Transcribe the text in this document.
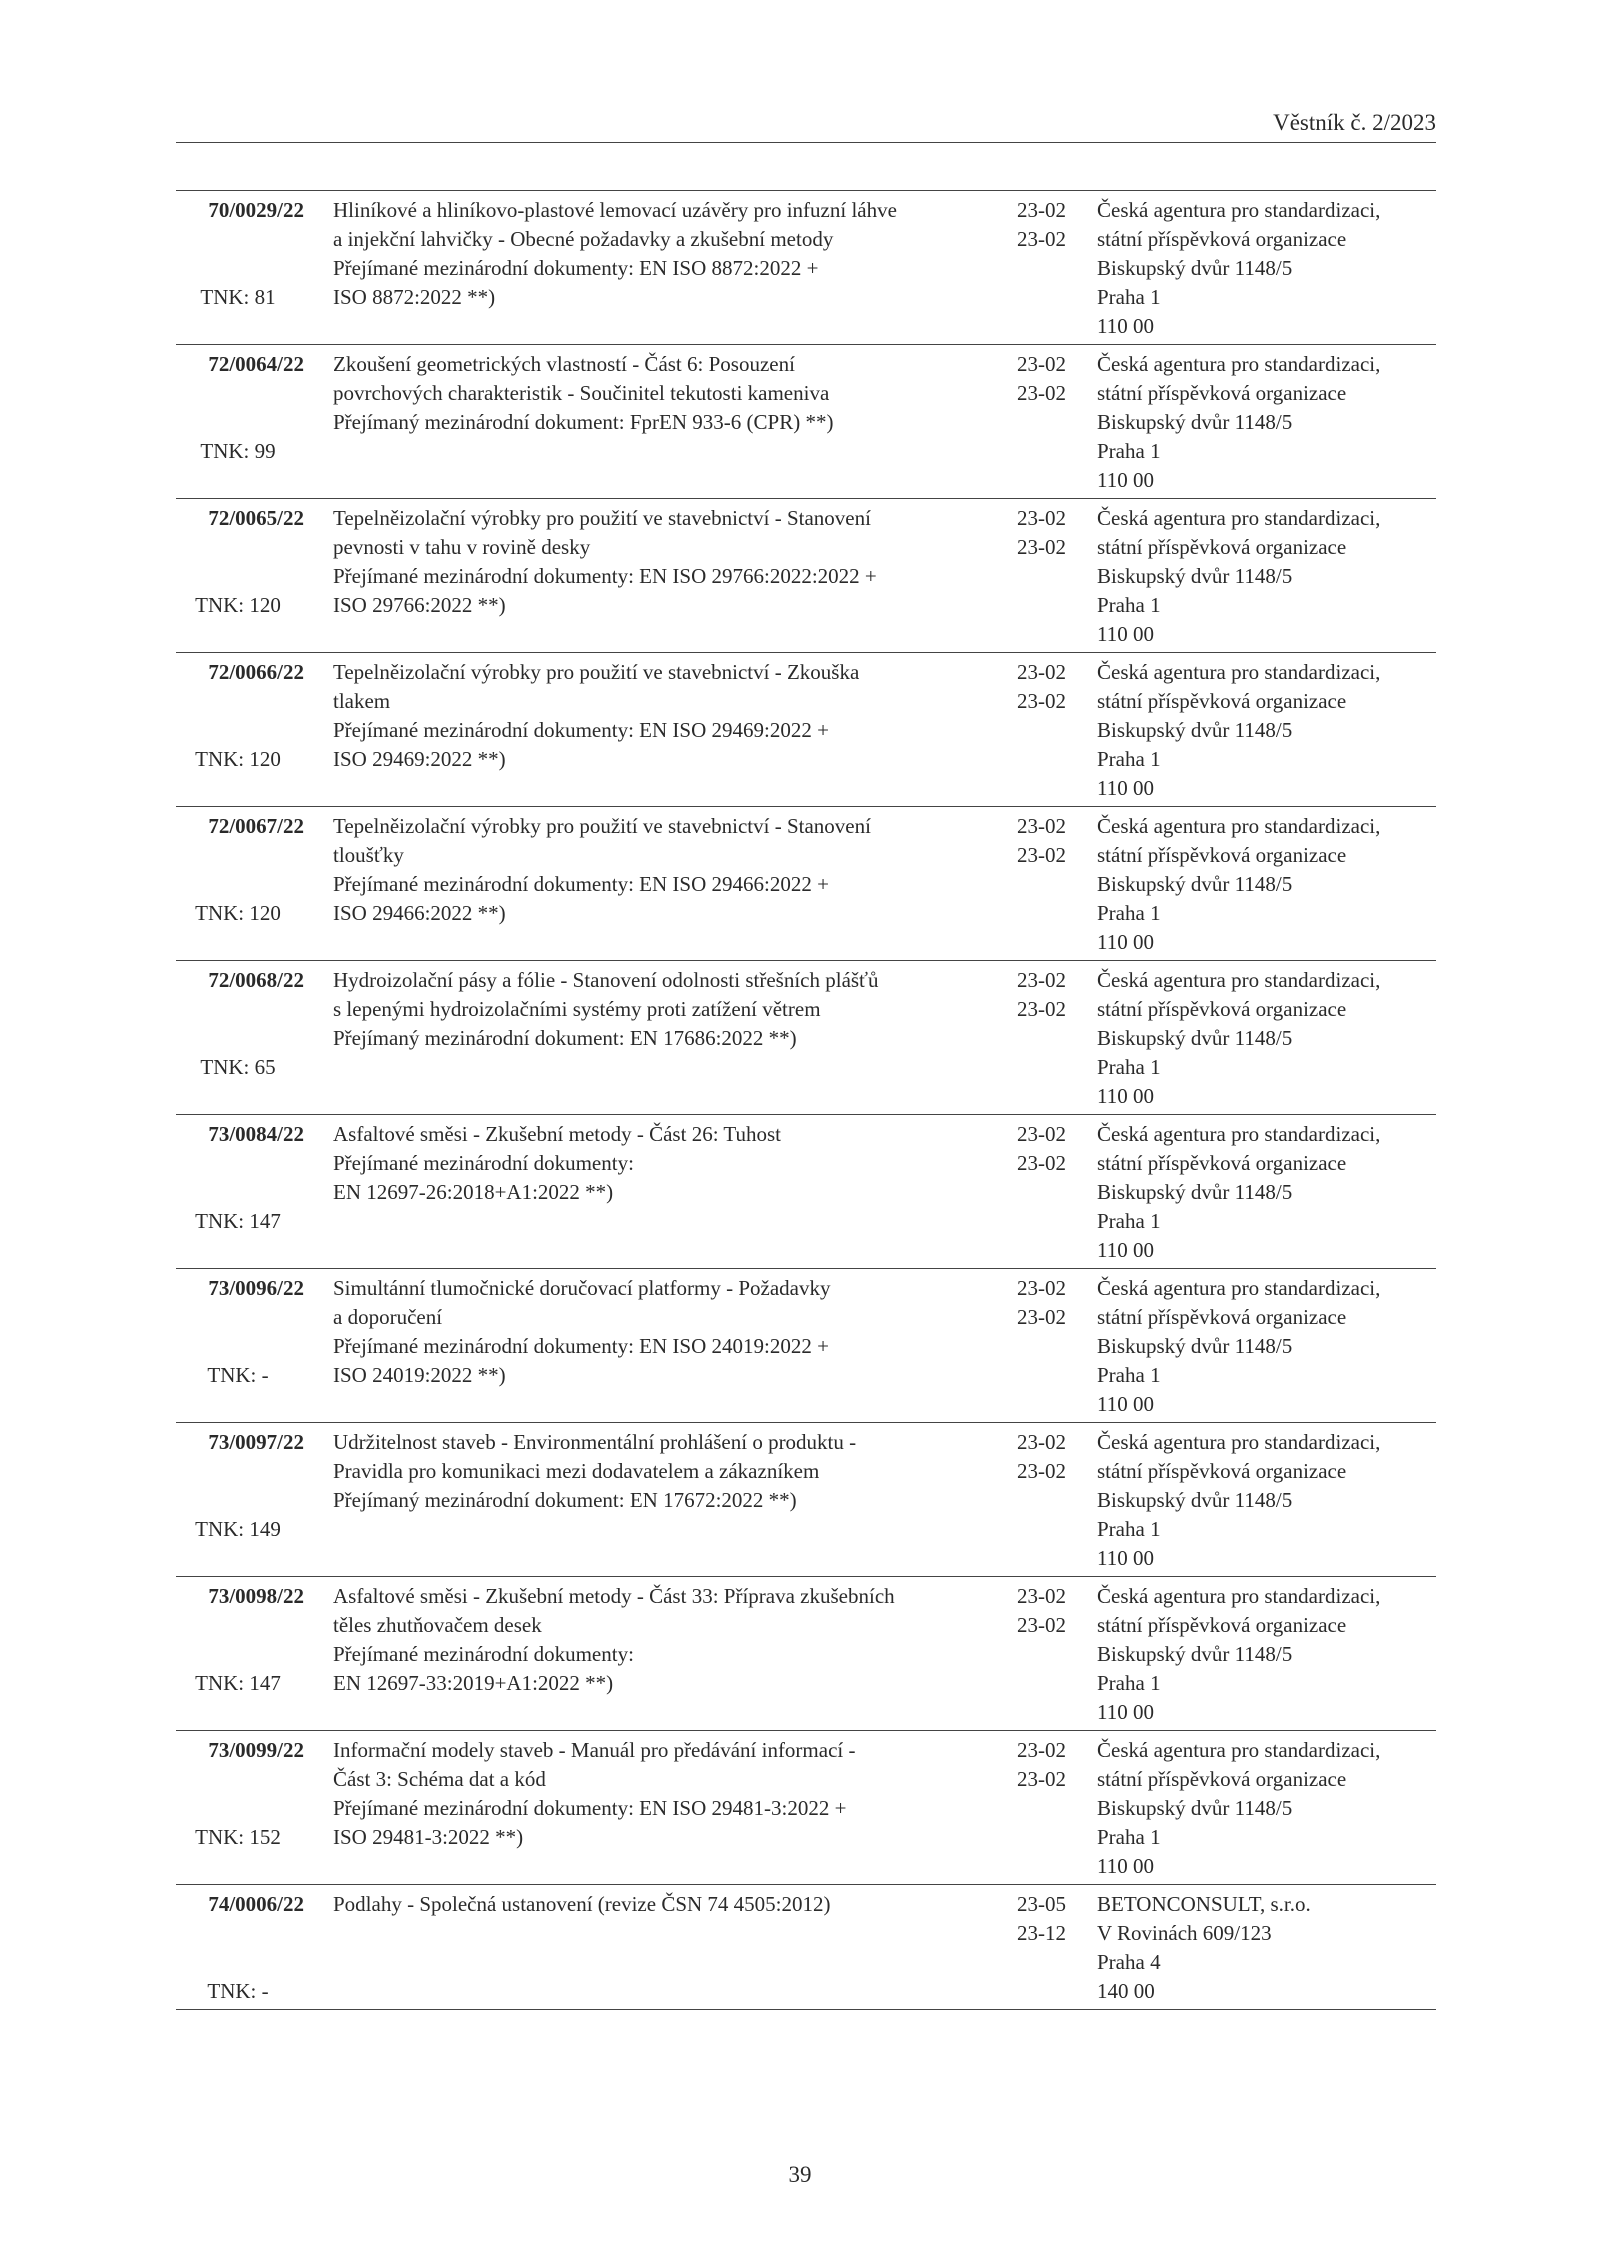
Věstník č. 2/2023
70/0029/22
TNK: 81
Hliníkové a hliníkovo-plastové lemovací uzávěry pro infuzní láhve
a injekční lahvičky - Obecné požadavky a zkušební metody
Přejímané mezinárodní dokumenty: EN ISO 8872:2022 +
ISO 8872:2022 **)
23-02
23-02
Česká agentura pro standardizaci,
státní příspěvková organizace
Biskupský dvůr 1148/5
Praha 1
110 00
72/0064/22
TNK: 99
Zkoušení geometrických vlastností - Část 6: Posouzení
povrchových charakteristik - Součinitel tekutosti kameniva
Přejímaný mezinárodní dokument: FprEN 933-6 (CPR) **)
23-02
23-02
Česká agentura pro standardizaci,
státní příspěvková organizace
Biskupský dvůr 1148/5
Praha 1
110 00
72/0065/22
TNK: 120
Tepelněizolační výrobky pro použití ve stavebnictví - Stanovení
pevnosti v tahu v rovině desky
Přejímané mezinárodní dokumenty: EN ISO 29766:2022:2022 +
ISO 29766:2022 **)
23-02
23-02
Česká agentura pro standardizaci,
státní příspěvková organizace
Biskupský dvůr 1148/5
Praha 1
110 00
72/0066/22
TNK: 120
Tepelněizolační výrobky pro použití ve stavebnictví - Zkouška
tlakem
Přejímané mezinárodní dokumenty: EN ISO 29469:2022 +
ISO 29469:2022 **)
23-02
23-02
Česká agentura pro standardizaci,
státní příspěvková organizace
Biskupský dvůr 1148/5
Praha 1
110 00
72/0067/22
TNK: 120
Tepelněizolační výrobky pro použití ve stavebnictví - Stanovení
tloušťky
Přejímané mezinárodní dokumenty: EN ISO 29466:2022 +
ISO 29466:2022 **)
23-02
23-02
Česká agentura pro standardizaci,
státní příspěvková organizace
Biskupský dvůr 1148/5
Praha 1
110 00
72/0068/22
TNK: 65
Hydroizolační pásy a fólie - Stanovení odolnosti střešních plášťů
s lepenými hydroizolačními systémy proti zatížení větrem
Přejímaný mezinárodní dokument: EN 17686:2022 **)
23-02
23-02
Česká agentura pro standardizaci,
státní příspěvková organizace
Biskupský dvůr 1148/5
Praha 1
110 00
73/0084/22
TNK: 147
Asfaltové směsi - Zkušební metody - Část 26: Tuhost
Přejímané mezinárodní dokumenty:
EN 12697-26:2018+A1:2022 **)
23-02
23-02
Česká agentura pro standardizaci,
státní příspěvková organizace
Biskupský dvůr 1148/5
Praha 1
110 00
73/0096/22
TNK: -
Simultánní tlumočnické doručovací platformy - Požadavky
a doporučení
Přejímané mezinárodní dokumenty: EN ISO 24019:2022 +
ISO 24019:2022 **)
23-02
23-02
Česká agentura pro standardizaci,
státní příspěvková organizace
Biskupský dvůr 1148/5
Praha 1
110 00
73/0097/22
TNK: 149
Udržitelnost staveb - Environmentální prohlášení o produktu -
Pravidla pro komunikaci mezi dodavatelem a zákazníkem
Přejímaný mezinárodní dokument: EN 17672:2022 **)
23-02
23-02
Česká agentura pro standardizaci,
státní příspěvková organizace
Biskupský dvůr 1148/5
Praha 1
110 00
73/0098/22
TNK: 147
Asfaltové směsi - Zkušební metody - Část 33: Příprava zkušebních
těles zhutňovačem desek
Přejímané mezinárodní dokumenty:
EN 12697-33:2019+A1:2022 **)
23-02
23-02
Česká agentura pro standardizaci,
státní příspěvková organizace
Biskupský dvůr 1148/5
Praha 1
110 00
73/0099/22
TNK: 152
Informační modely staveb - Manuál pro předávání informací -
Část 3: Schéma dat a kód
Přejímané mezinárodní dokumenty: EN ISO 29481-3:2022 +
ISO 29481-3:2022 **)
23-02
23-02
Česká agentura pro standardizaci,
státní příspěvková organizace
Biskupský dvůr 1148/5
Praha 1
110 00
74/0006/22
TNK: -
Podlahy - Společná ustanovení (revize ČSN 74 4505:2012)	23-05
23-12
BETONCONSULT, s.r.o.
V Rovinách 609/123
Praha 4
140 00
39
